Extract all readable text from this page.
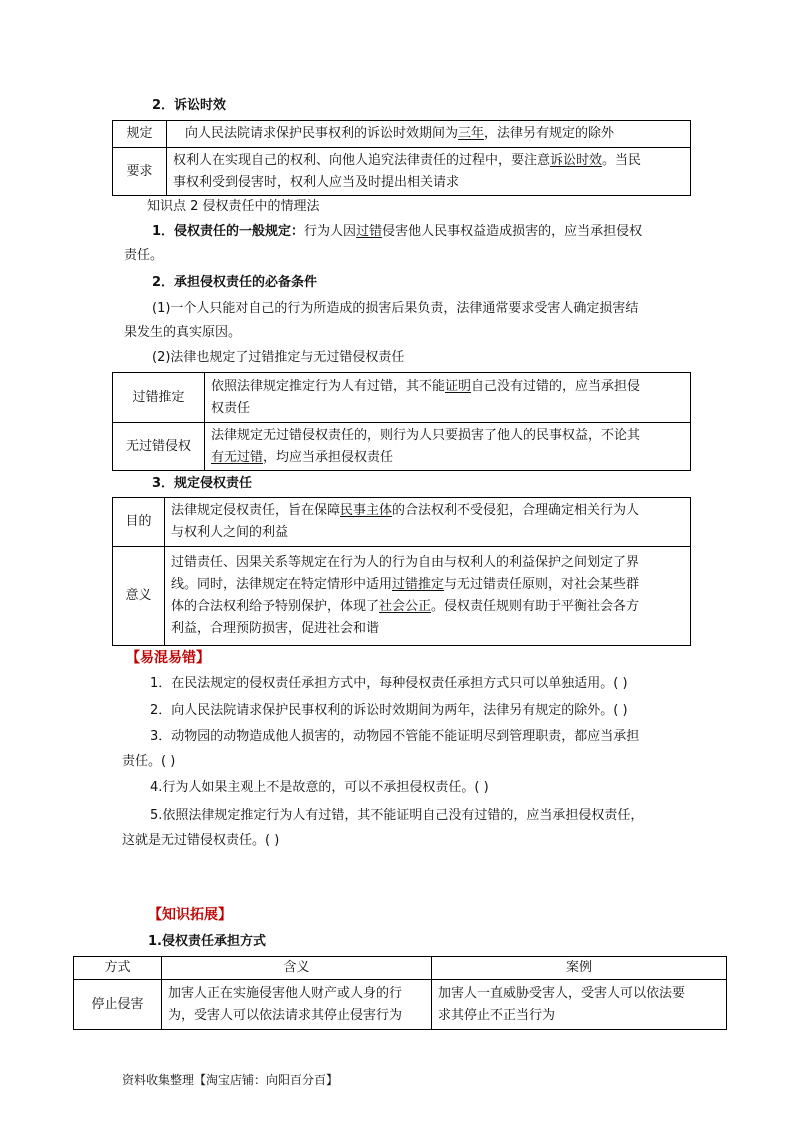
2．诉讼时效
规定	向人民法院请求保护民事权利的诉讼时效期间为三年，法律另有规定的除外

要求	权利人在实现自己的权利、向他人追究法律责任的过程中，要注意诉讼时效。当民
事权利受到侵害时，权利人应当及时提出相关请求
知识点 2 侵权责任中的情理法
1．侵权责任的一般规定：行为人因过错侵害他人民事权益造成损害的，应当承担侵权
责任。
2．承担侵权责任的必备条件
(1)一个人只能对自己的行为所造成的损害后果负责，法律通常要求受害人确定损害结
果发生的真实原因。
(2)法律也规定了过错推定与无过错侵权责任
过错推定	依照法律规定推定行为人有过错，其不能证明自己没有过错的，应当承担侵
权责任

无过错侵权	法律规定无过错侵权责任的，则行为人只要损害了他人的民事权益，不论其
有无过错，均应当承担侵权责任
3．规定侵权责任
目的	法律规定侵权责任，旨在保障民事主体的合法权利不受侵犯，合理确定相关行为人
与权利人之间的利益

意义	过错责任、因果关系等规定在行为人的行为自由与权利人的利益保护之间划定了界
线。同时，法律规定在特定情形中适用过错推定与无过错责任原则，对社会某些群
体的合法权利给予特别保护，体现了社会公正。侵权责任规则有助于平衡社会各方
利益，合理预防损害，促进社会和谐
【易混易错】
1．在民法规定的侵权责任承担方式中，每种侵权责任承担方式只可以单独适用。( )
2．向人民法院请求保护民事权利的诉讼时效期间为两年，法律另有规定的除外。( )
3．动物园的动物造成他人损害的，动物园不管能不能证明尽到管理职责，都应当承担
责任。( )
4.行为人如果主观上不是故意的，可以不承担侵权责任。( )
5.依照法律规定推定行为人有过错，其不能证明自己没有过错的，应当承担侵权责任，
这就是无过错侵权责任。( )
【知识拓展】
1.侵权责任承担方式
方式	含义	案例
停止侵害	加害人正在实施侵害他人财产或人身的行
为，受害人可以依法请求其停止侵害行为	加害人一直威胁受害人，受害人可以依法要
求其停止不正当行为
资料收集整理【淘宝店铺：向阳百分百】
